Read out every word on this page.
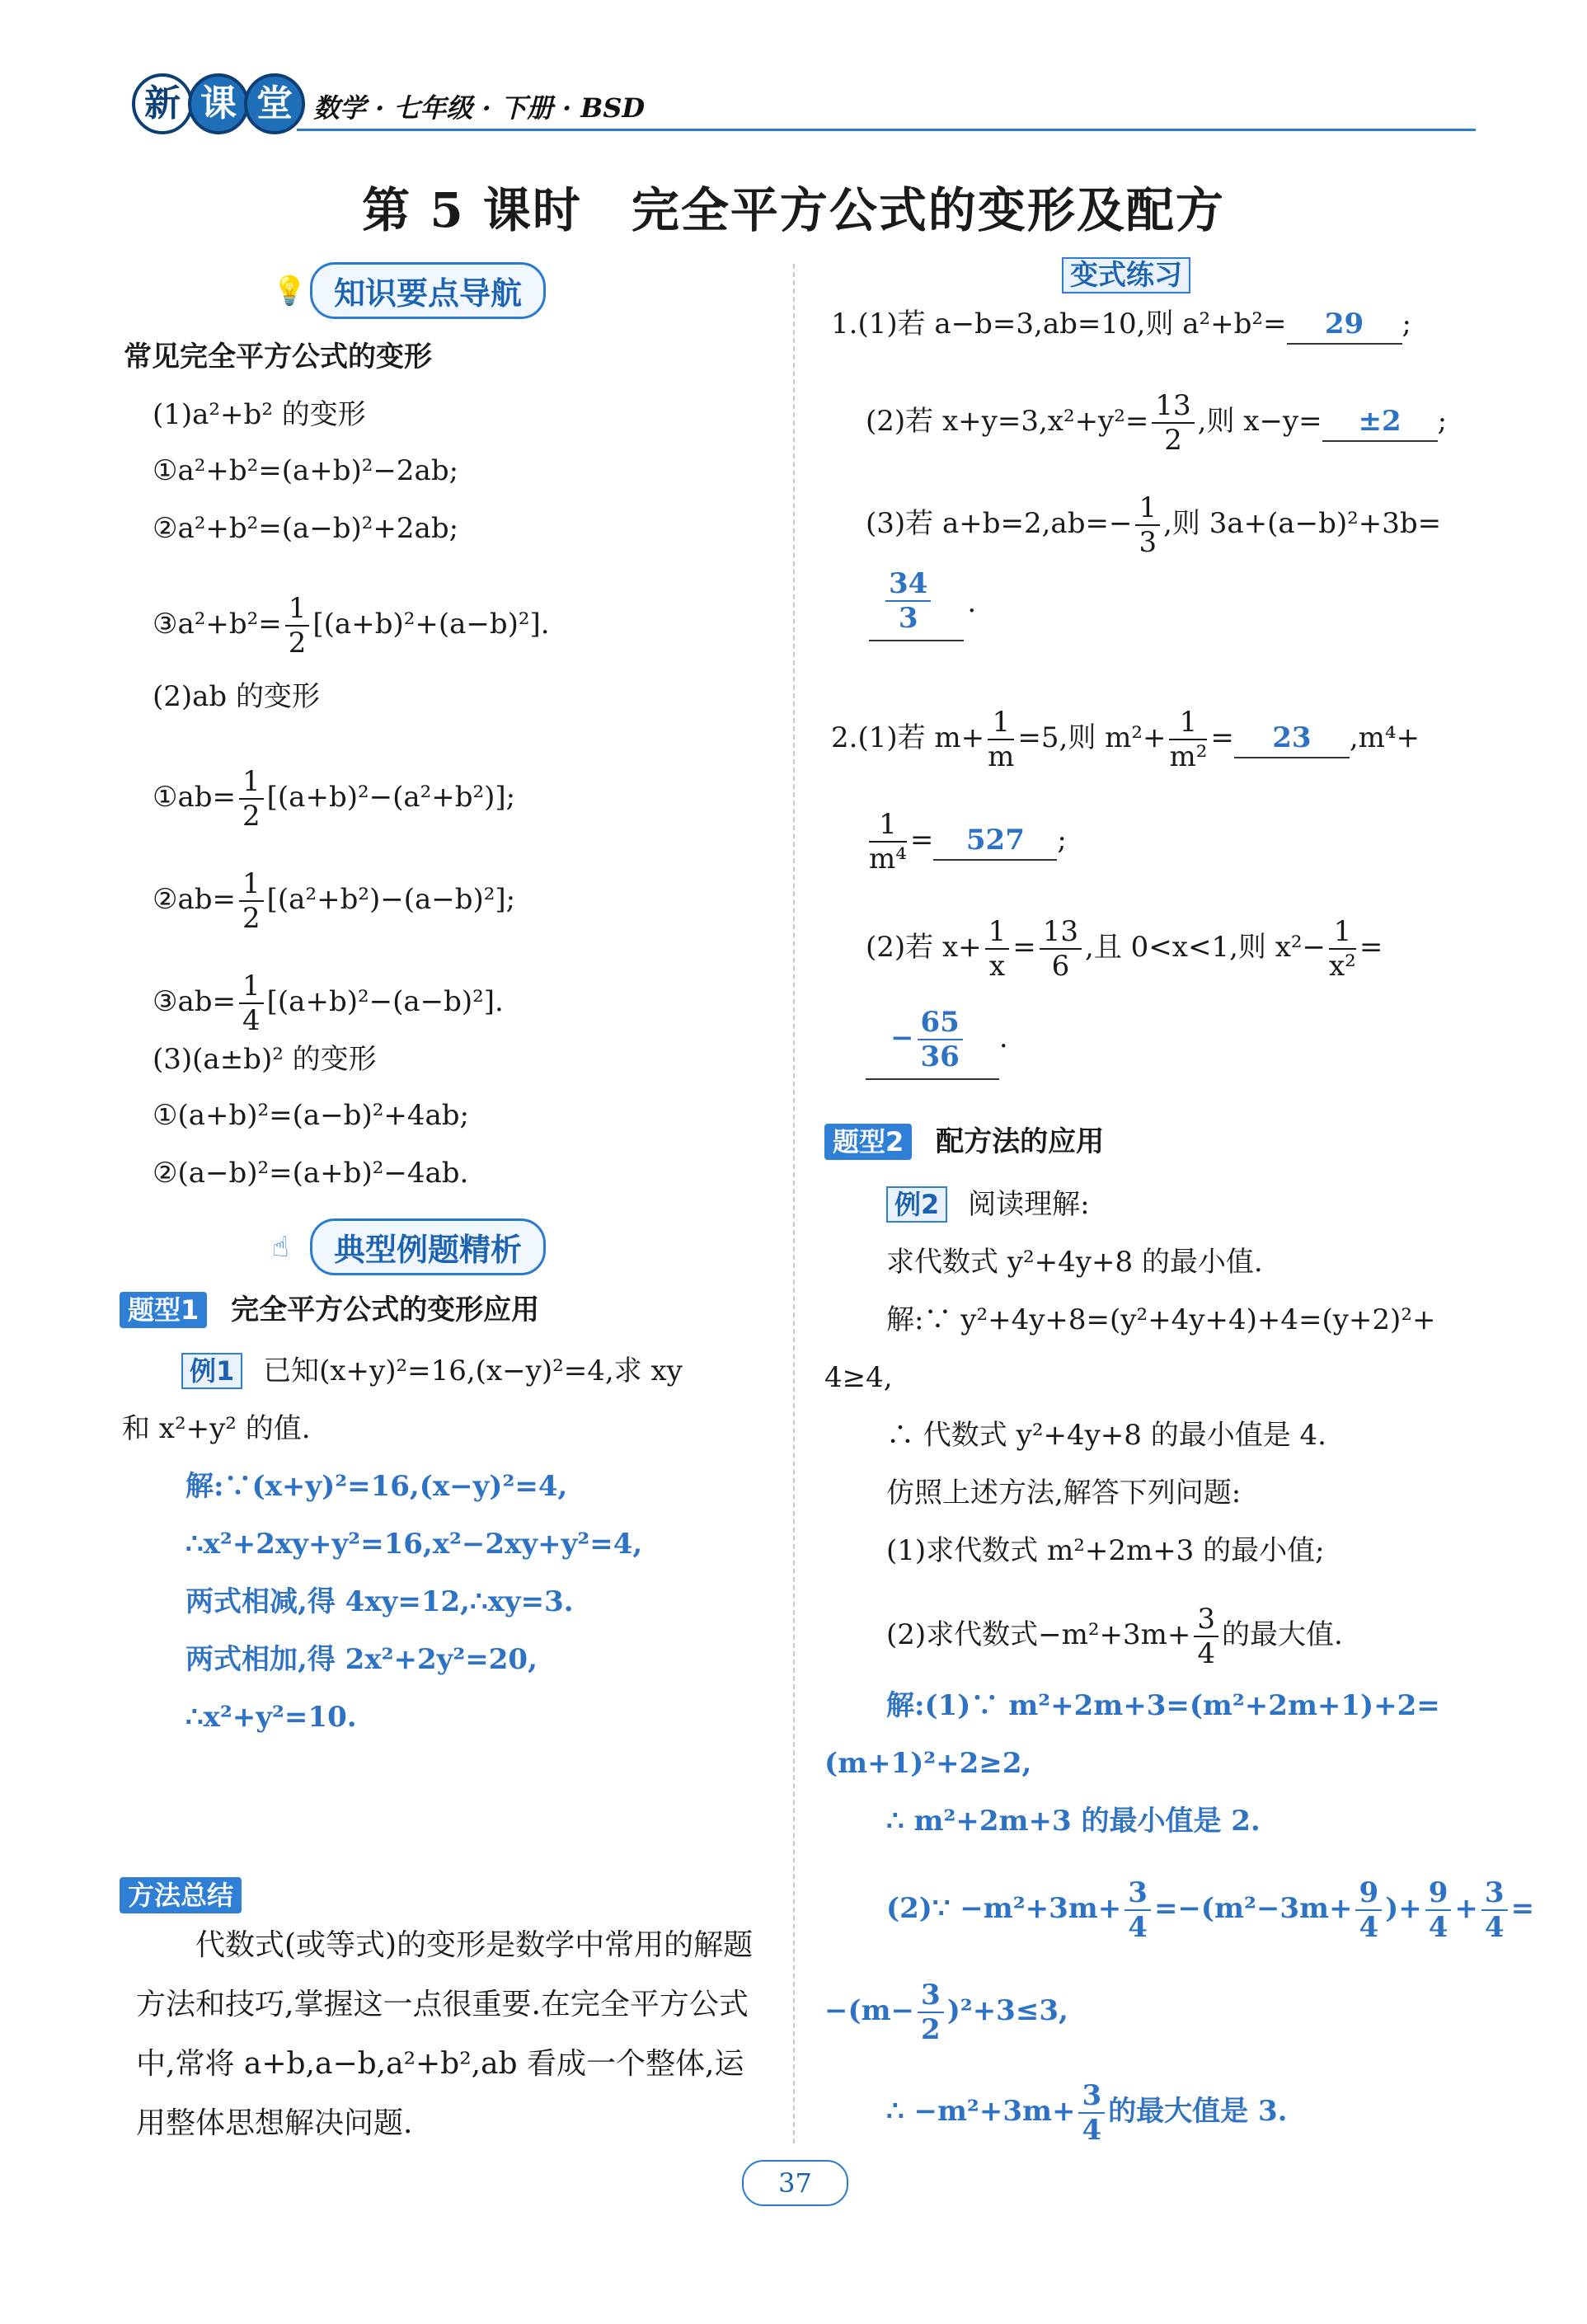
新 课 堂 数学 · 七年级 · 下册 · BSD
第 5 课时　完全平方公式的变形及配方
💡 知识要点导航
常见完全平方公式的变形
(1)a²+b² 的变形
①a²+b²=(a+b)²−2ab;
②a²+b²=(a−b)²+2ab;
③a²+b²= $\frac{1}{2} [(a+b)^2+(a-b)^2]$.
(2)ab 的变形
①ab= $\frac{1}{2} [(a+b)^2-(a^2+b^2)]$;
②ab= $\frac{1}{2} [(a^2+b^2)-(a-b)^2]$;
③ab= $\frac{1}{4} [(a+b)^2-(a-b)^2]$.
(3)(a±b)² 的变形
①(a+b)²=(a−b)²+4ab;
②(a−b)²=(a+b)²−4ab.
☝	典型例题精析
题型1 完全平方公式的变形应用
例1 已知(x+y)²=16,(x−y)²=4,求 xy
和 x²+y² 的值.
解:∵(x+y)²=16,(x−y)²=4,
∴x²+2xy+y²=16,x²−2xy+y²=4,
两式相减,得 4xy=12,∴xy=3.
两式相加,得 2x²+2y²=20,
∴x²+y²=10.
方法总结
代数式(或等式)的变形是数学中常用的解题方法和技巧,掌握这一点很重要.在完全平方公式中,常将 a+b,a−b,a²+b²,ab 看成一个整体,运用整体思想解决问题.
变式练习
1.(1)若 a−b=3,ab=10,则 a²+b²= 29 ;
(2)若 $x+y=3,x^2+y^2= \frac{13}{2}$ ,则 x−y= ±2 ;
(3)若 $a+b=2,ab=- \frac{1}{3}$ ,则 3a+(a−b)²+3b=
$\frac{34}{3}$ .
2.(1)若 $m+ \frac{1}{m} =5$,则 $m^2+ \frac{1}{\text{m²}} = 23$ ,m⁴+
$\frac{1}{\text{m⁴}} = 527$ ;
(2)若 $x+ \frac{1}{x} = \frac{13}{6}$ ,且 0<x<1,则 $x^2- \frac{1}{\text{x²}}$ =
− $\frac{65}{36}$ .
题型2 配方法的应用
例2 阅读理解:
求代数式 y²+4y+8 的最小值.
解:∵ y²+4y+8=(y²+4y+4)+4=(y+2)²+
4≥4,
∴ 代数式 y²+4y+8 的最小值是 4.
仿照上述方法,解答下列问题:
(1)求代数式 m²+2m+3 的最小值;
(2)求代数式$-m^2+3m+ \frac{3}{4}$ 的最大值.
解:(1)∵ m²+2m+3=(m²+2m+1)+2=
(m+1)²+2≥2,
∴ m²+2m+3 的最小值是 2.
(2)∵ $-m^2+3m+ \frac{3}{4} =-(m^2-3m+ \frac{9}{4}$ )+ $\frac{9}{4} + \frac{3}{4}$ =
$-(m- \frac{3}{2} )^2+3\le 3$,
∴ $-m^2+3m+ \frac{3}{4}$ 的最大值是 3.
37
